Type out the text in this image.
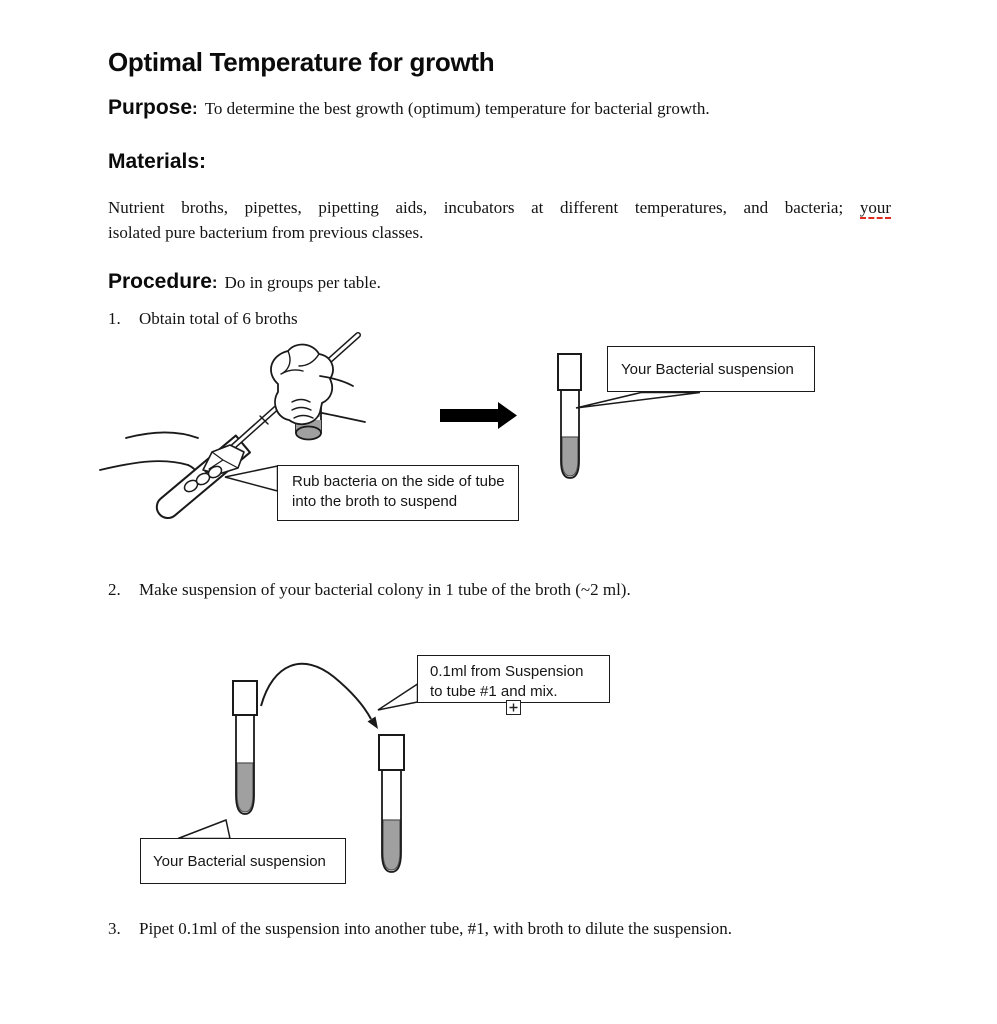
Optimal Temperature for growth
Purpose: To determine the best growth (optimum) temperature for bacterial growth.
Materials:
Nutrient broths, pipettes, pipetting aids, incubators at different temperatures, and bacteria; your
isolated pure bacterium from previous classes.
Procedure: Do in groups per table.
1.	Obtain total of 6 broths
2.	Make suspension of your bacterial colony in 1 tube of the broth (~2 ml).
3.	Pipet 0.1ml of the suspension into another tube, #1, with broth to dilute the suspension.
Rub bacteria on the side of tube into the broth to suspend
Your Bacterial suspension
0.1ml from Suspension
to tube #1 and mix.
Your Bacterial suspension
